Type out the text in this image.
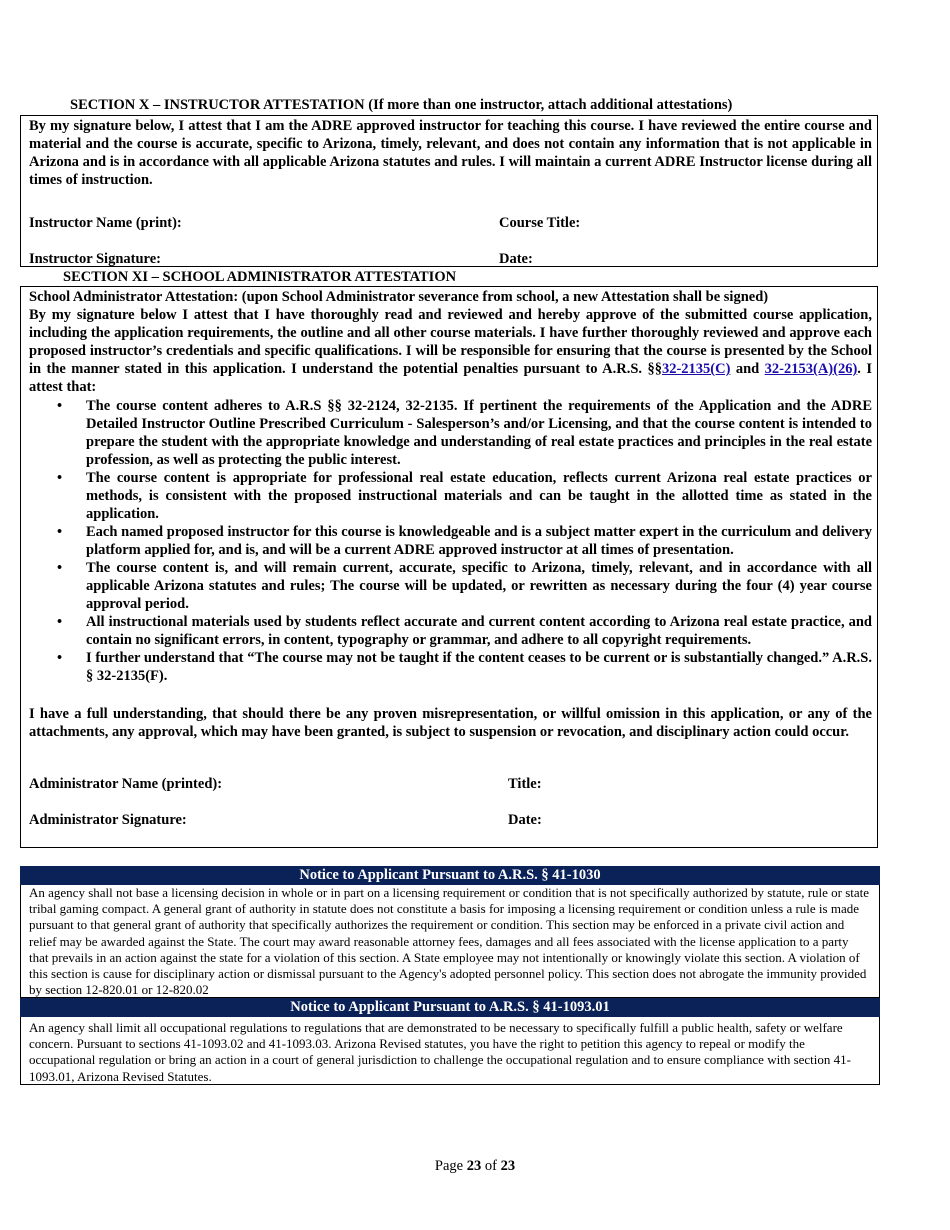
SECTION X – INSTRUCTOR ATTESTATION (If more than one instructor, attach additional attestations)
By my signature below, I attest that I am the ADRE approved instructor for teaching this course. I have reviewed the entire course and material and the course is accurate, specific to Arizona, timely, relevant, and does not contain any information that is not applicable in Arizona and is in accordance with all applicable Arizona statutes and rules. I will maintain a current ADRE Instructor license during all times of instruction.
Instructor Name (print):	Course Title:
Instructor Signature:	Date:
SECTION XI – SCHOOL ADMINISTRATOR ATTESTATION
School Administrator Attestation: (upon School Administrator severance from school, a new Attestation shall be signed)
By my signature below I attest that I have thoroughly read and reviewed and hereby approve of the submitted course application, including the application requirements, the outline and all other course materials. I have further thoroughly reviewed and approve each proposed instructor’s credentials and specific qualifications. I will be responsible for ensuring that the course is presented by the School in the manner stated in this application. I understand the potential penalties pursuant to A.R.S. §§32-2135(C) and 32-2153(A)(26). I attest that:
• The course content adheres to A.R.S §§ 32-2124, 32-2135. If pertinent the requirements of the Application and the ADRE Detailed Instructor Outline Prescribed Curriculum - Salesperson’s and/or Licensing, and that the course content is intended to prepare the student with the appropriate knowledge and understanding of real estate practices and principles in the real estate profession, as well as protecting the public interest.
• The course content is appropriate for professional real estate education, reflects current Arizona real estate practices or methods, is consistent with the proposed instructional materials and can be taught in the allotted time as stated in the application.
• Each named proposed instructor for this course is knowledgeable and is a subject matter expert in the curriculum and delivery platform applied for, and is, and will be a current ADRE approved instructor at all times of presentation.
• The course content is, and will remain current, accurate, specific to Arizona, timely, relevant, and in accordance with all applicable Arizona statutes and rules; The course will be updated, or rewritten as necessary during the four (4) year course approval period.
• All instructional materials used by students reflect accurate and current content according to Arizona real estate practice, and contain no significant errors, in content, typography or grammar, and adhere to all copyright requirements.
• I further understand that “The course may not be taught if the content ceases to be current or is substantially changed.” A.R.S. § 32-2135(F).
I have a full understanding, that should there be any proven misrepresentation, or willful omission in this application, or any of the attachments, any approval, which may have been granted, is subject to suspension or revocation, and disciplinary action could occur.
Administrator Name (printed):	Title:
Administrator Signature:	Date:
Notice to Applicant Pursuant to A.R.S. § 41-1030
An agency shall not base a licensing decision in whole or in part on a licensing requirement or condition that is not specifically authorized by statute, rule or state tribal gaming compact. A general grant of authority in statute does not constitute a basis for imposing a licensing requirement or condition unless a rule is made pursuant to that general grant of authority that specifically authorizes the requirement or condition. This section may be enforced in a private civil action and relief may be awarded against the State. The court may award reasonable attorney fees, damages and all fees associated with the license application to a party that prevails in an action against the state for a violation of this section. A State employee may not intentionally or knowingly violate this section. A violation of this section is cause for disciplinary action or dismissal pursuant to the Agency's adopted personnel policy. This section does not abrogate the immunity provided by section 12-820.01 or 12-820.02
Notice to Applicant Pursuant to A.R.S. § 41-1093.01
An agency shall limit all occupational regulations to regulations that are demonstrated to be necessary to specifically fulfill a public health, safety or welfare concern. Pursuant to sections 41-1093.02 and 41-1093.03. Arizona Revised statutes, you have the right to petition this agency to repeal or modify the occupational regulation or bring an action in a court of general jurisdiction to challenge the occupational regulation and to ensure compliance with section 41-1093.01, Arizona Revised Statutes.
Page 23 of 23
